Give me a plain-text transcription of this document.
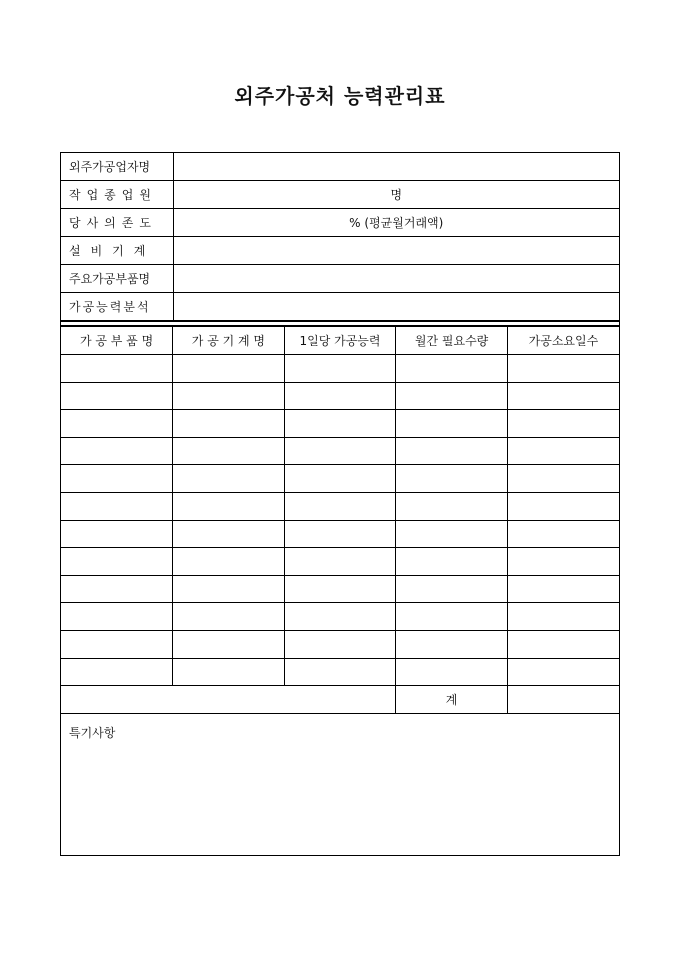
외주가공처 능력관리표
외주가공업자명	
작업종업원	명
당사의존도	% (평균월거래액)
설비기계	
주요가공부품명	
가공능력분석	
가 공 부 품 명	가 공 기 계 명	1일당 가공능력	월간 필요수량	가공소요일수

			계	
특기사항
